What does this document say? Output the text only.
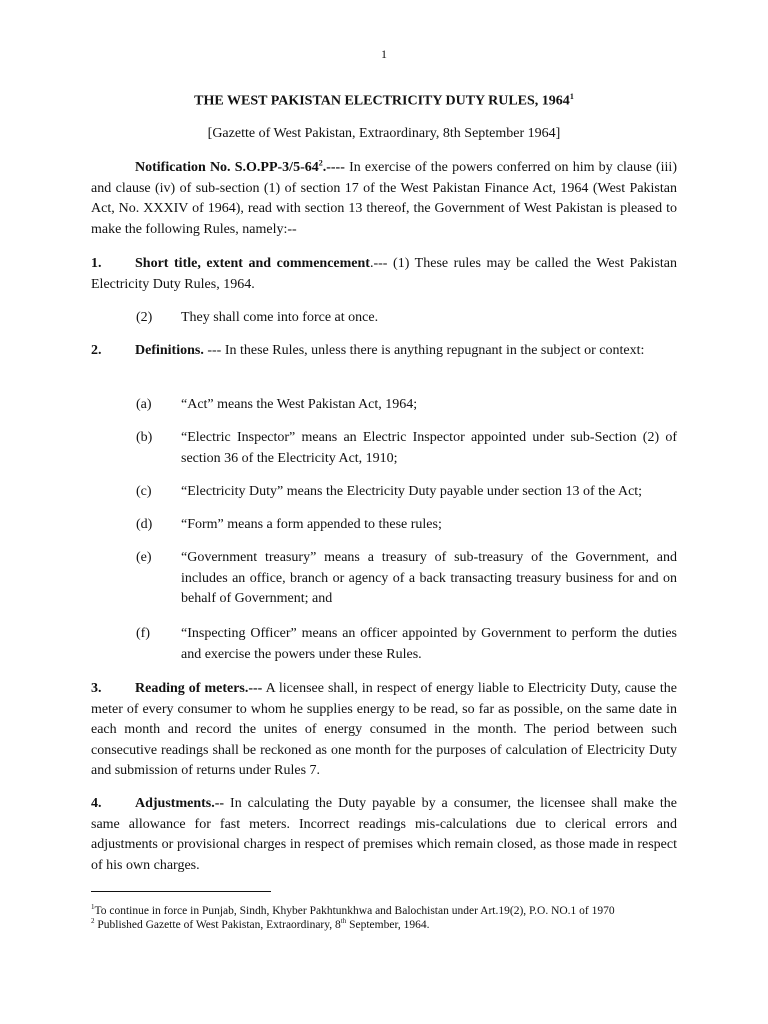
1
THE WEST PAKISTAN ELECTRICITY DUTY RULES, 1964$^1$
[Gazette of West Pakistan, Extraordinary, 8th September 1964]

Notification No. $S.O.PP-3/5-64^2.----$ In exercise of the powers conferred on him by clause (iii) and clause (iv) of sub-section (1) of section 17 of the West Pakistan Finance Act, 1964 (West Pakistan Act, No. XXXIV of 1964), read with section 13 thereof, the Government of West Pakistan is pleased to make the following Rules, namely:--

1. Short title, extent and commencement.--- (1) These rules may be called the West Pakistan Electricity Duty Rules, 1964.

(2)	They shall come into force at once.

2. Definitions. --- In these Rules, unless there is anything repugnant in the subject or context:

(a)	“Act” means the West Pakistan Act, 1964;
(b)	“Electric Inspector” means an Electric Inspector appointed under sub-Section (2) of section 36 of the Electricity Act, 1910;
(c)	“Electricity Duty” means the Electricity Duty payable under section 13 of the Act;
(d)	“Form” means a form appended to these rules;
(e)	“Government treasury” means a treasury of sub-treasury of the Government, and includes an office, branch or agency of a back transacting treasury business for and on behalf of Government; and
(f)	“Inspecting Officer” means an officer appointed by Government to perform the duties and exercise the powers under these Rules.

3. Reading of meters.--- A licensee shall, in respect of energy liable to Electricity Duty, cause the meter of every consumer to whom he supplies energy to be read, so far as possible, on the same date in each month and record the unites of energy consumed in the month. The period between such consecutive readings shall be reckoned as one month for the purposes of calculation of Electricity Duty and submission of returns under Rules 7.

4. Adjustments.-- In calculating the Duty payable by a consumer, the licensee shall make the same allowance for fast meters. Incorrect readings mis-calculations due to clerical errors and adjustments or provisional charges in respect of premises which remain closed, as those made in respect of his own charges.

$^1$To continue in force in Punjab, Sindh, Khyber Pakhtunkhwa and Balochistan under Art.19(2), P.O. NO.1 of 1970
$^2$ Published Gazette of West Pakistan, Extraordinary, 8th September, 1964.
